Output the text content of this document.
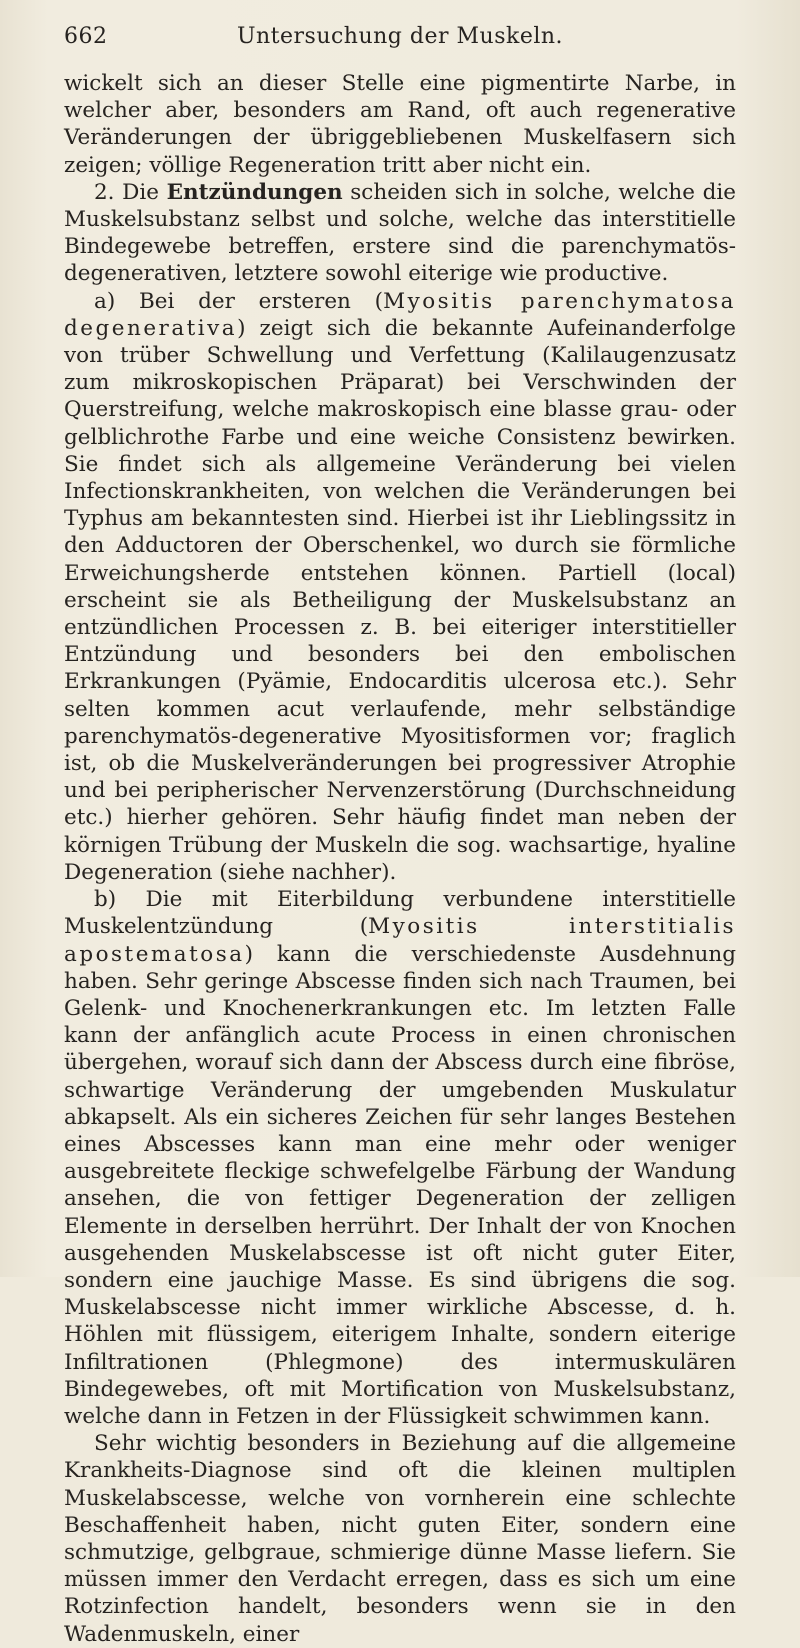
662	Untersuchung der Muskeln.

wickelt sich an dieser Stelle eine pigmentirte Narbe, in welcher aber, besonders am Rand, oft auch regenerative Veränderungen der übriggebliebenen Muskelfasern sich zeigen; völlige Regeneration tritt aber nicht ein.

2. Die Entzündungen scheiden sich in solche, welche die Muskelsubstanz selbst und solche, welche das interstitielle Bindegewebe betreffen, erstere sind die parenchymatös-degenerativen, letztere sowohl eiterige wie productive.

a) Bei der ersteren (Myositis parenchymatosa degenerativa) zeigt sich die bekannte Aufeinanderfolge von trüber Schwellung und Verfettung (Kalilaugenzusatz zum mikroskopischen Präparat) bei Verschwinden der Querstreifung, welche makroskopisch eine blasse grau- oder gelblichrothe Farbe und eine weiche Consistenz bewirken. Sie findet sich als allgemeine Veränderung bei vielen Infectionskrankheiten, von welchen die Veränderungen bei Typhus am bekanntesten sind. Hierbei ist ihr Lieblingssitz in den Adductoren der Oberschenkel, wo durch sie förmliche Erweichungsherde entstehen können. Partiell (local) erscheint sie als Betheiligung der Muskelsubstanz an entzündlichen Processen z. B. bei eiteriger interstitieller Entzündung und besonders bei den embolischen Erkrankungen (Pyämie, Endocarditis ulcerosa etc.). Sehr selten kommen acut verlaufende, mehr selbständige parenchymatös-degenerative Myositisformen vor; fraglich ist, ob die Muskelveränderungen bei progressiver Atrophie und bei peripherischer Nervenzerstörung (Durchschneidung etc.) hierher gehören. Sehr häufig findet man neben der körnigen Trübung der Muskeln die sog. wachsartige, hyaline Degeneration (siehe nachher).

b) Die mit Eiterbildung verbundene interstitielle Muskelentzündung (Myositis interstitialis apostematosa) kann die verschiedenste Ausdehnung haben. Sehr geringe Abscesse finden sich nach Traumen, bei Gelenk- und Knochenerkrankungen etc. Im letzten Falle kann der anfänglich acute Process in einen chronischen übergehen, worauf sich dann der Abscess durch eine fibröse, schwartige Veränderung der umgebenden Muskulatur abkapselt. Als ein sicheres Zeichen für sehr langes Bestehen eines Abscesses kann man eine mehr oder weniger ausgebreitete fleckige schwefelgelbe Färbung der Wandung ansehen, die von fettiger Degeneration der zelligen Elemente in derselben herrührt. Der Inhalt der von Knochen ausgehenden Muskelabscesse ist oft nicht guter Eiter, sondern eine jauchige Masse. Es sind übrigens die sog. Muskelabscesse nicht immer wirkliche Abscesse, d. h. Höhlen mit flüssigem, eiterigem Inhalte, sondern eiterige Infiltrationen (Phlegmone) des intermuskulären Bindegewebes, oft mit Mortification von Muskelsubstanz, welche dann in Fetzen in der Flüssigkeit schwimmen kann.

Sehr wichtig besonders in Beziehung auf die allgemeine Krankheits-Diagnose sind oft die kleinen multiplen Muskelabscesse, welche von vornherein eine schlechte Beschaffenheit haben, nicht guten Eiter, sondern eine schmutzige, gelbgraue, schmierige dünne Masse liefern. Sie müssen immer den Verdacht erregen, dass es sich um eine Rotzinfection handelt, besonders wenn sie in den Wadenmuskeln, einer
